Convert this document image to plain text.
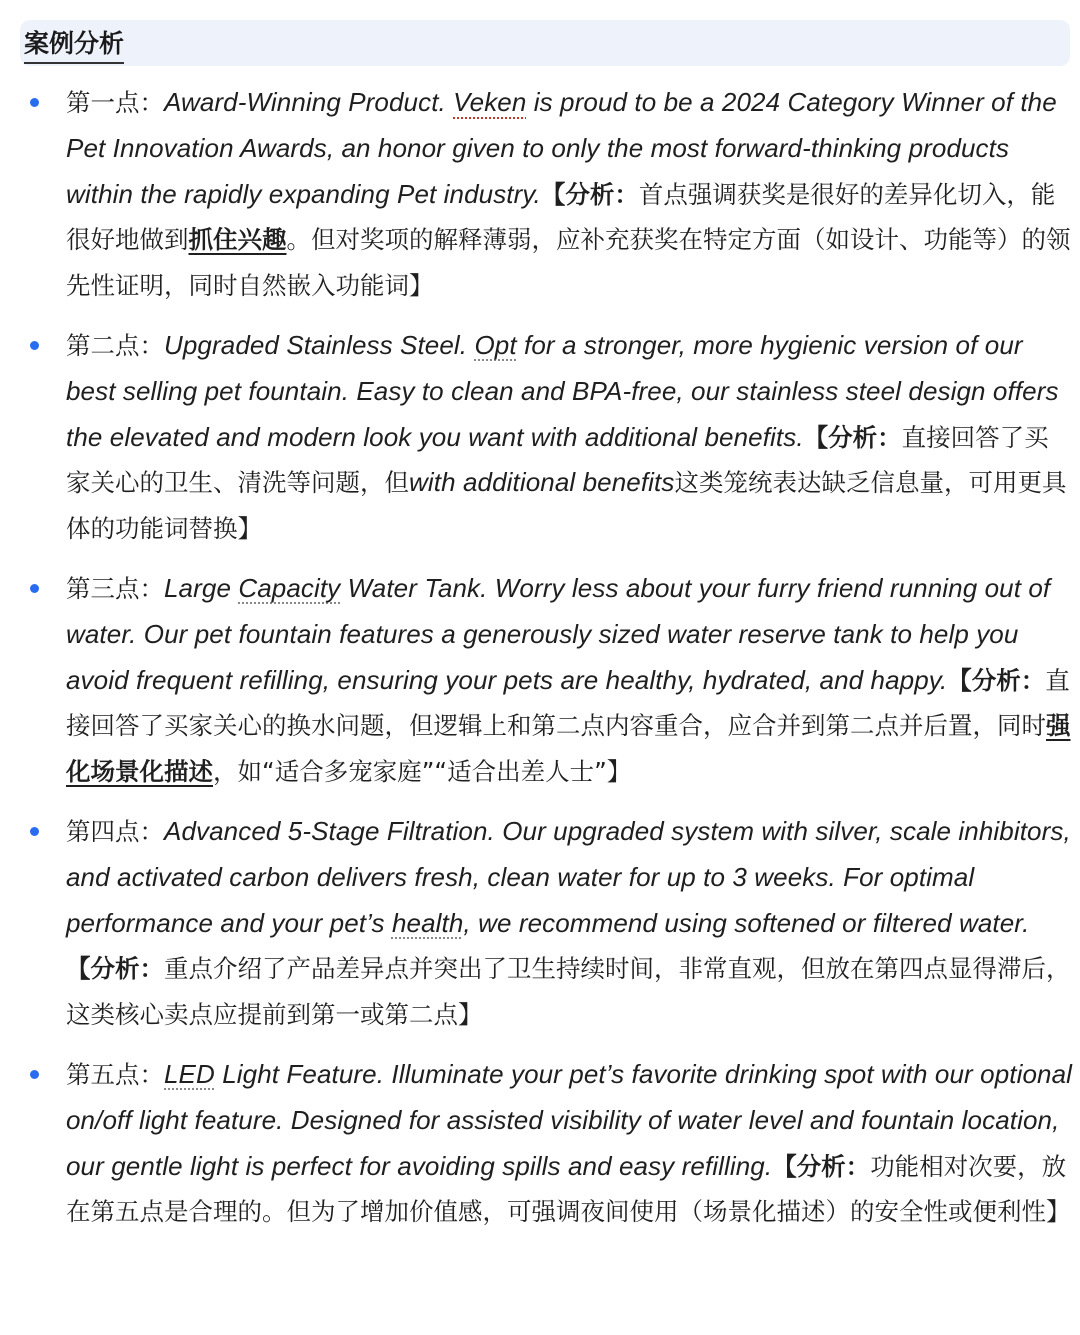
案例分析
第一点：Award-Winning Product. Veken is proud to be a 2024 Category Winner of the Pet Innovation Awards, an honor given to only the most forward-thinking products within the rapidly expanding Pet industry.【分析：首点强调获奖是很好的差异化切入，能很好地做到抓住兴趣。但对奖项的解释薄弱，应补充获奖在特定方面（如设计、功能等）的领先性证明，同时自然嵌入功能词】
第二点：Upgraded Stainless Steel. Opt for a stronger, more hygienic version of our best selling pet fountain. Easy to clean and BPA-free, our stainless steel design offers the elevated and modern look you want with additional benefits.【分析：直接回答了买家关心的卫生、清洗等问题，但with additional benefits这类笼统表达缺乏信息量，可用更具体的功能词替换】
第三点：Large Capacity Water Tank. Worry less about your furry friend running out of water. Our pet fountain features a generously sized water reserve tank to help you avoid frequent refilling, ensuring your pets are healthy, hydrated, and happy.【分析：直接回答了买家关心的换水问题，但逻辑上和第二点内容重合，应合并到第二点并后置，同时强化场景化描述，如“适合多宠家庭”“适合出差人士”】
第四点：Advanced 5-Stage Filtration. Our upgraded system with silver, scale inhibitors, and activated carbon delivers fresh, clean water for up to 3 weeks. For optimal performance and your pet’s health, we recommend using softened or filtered water.【分析：重点介绍了产品差异点并突出了卫生持续时间，非常直观，但放在第四点显得滞后，这类核心卖点应提前到第一或第二点】
第五点：LED Light Feature. Illuminate your pet’s favorite drinking spot with our optional on/off light feature. Designed for assisted visibility of water level and fountain location, our gentle light is perfect for avoiding spills and easy refilling.【分析：功能相对次要，放在第五点是合理的。但为了增加价值感，可强调夜间使用（场景化描述）的安全性或便利性】
